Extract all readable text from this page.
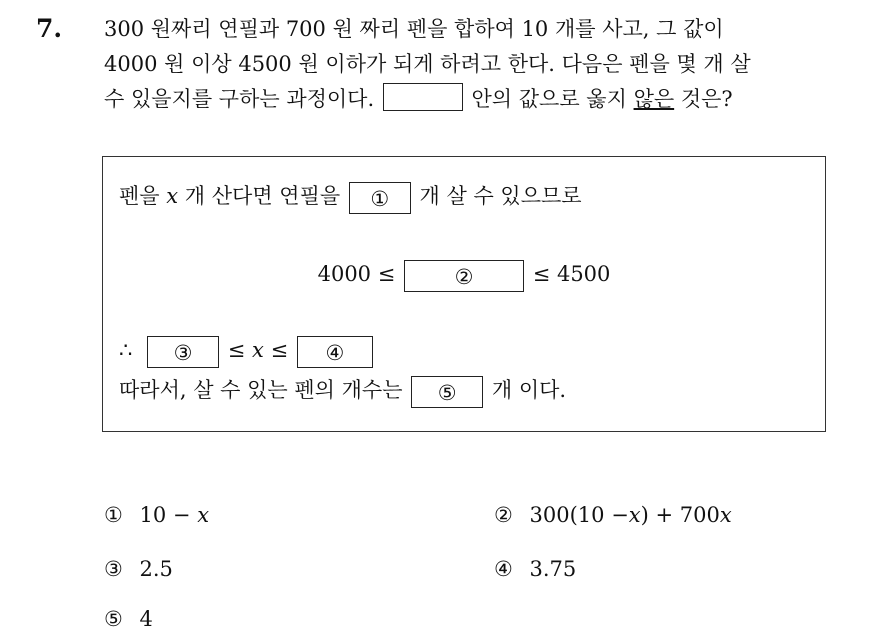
7. 300 원짜리 연필과 700 원 짜리 펜을 합하여 10 개를 사고, 그 값이
4000 원 이상 4500 원 이하가 되게 하려고 한다. 다음은 펜을 몇 개 살
수 있을지를 구하는 과정이다.	안의 값으로 옳지 않은 것은?
펜을 x 개 산다면 연필을 ① 개 살 수 있으므로
4000 ≤	②	≤ 4500
∴ ③ ≤ x ≤ ④
따라서, 살 수 있는 펜의 개수는 ⑤ 개 이다.
① 10 − x	② 300(10 −x) + 700x
③ 2.5	④ 3.75
⑤ 4
